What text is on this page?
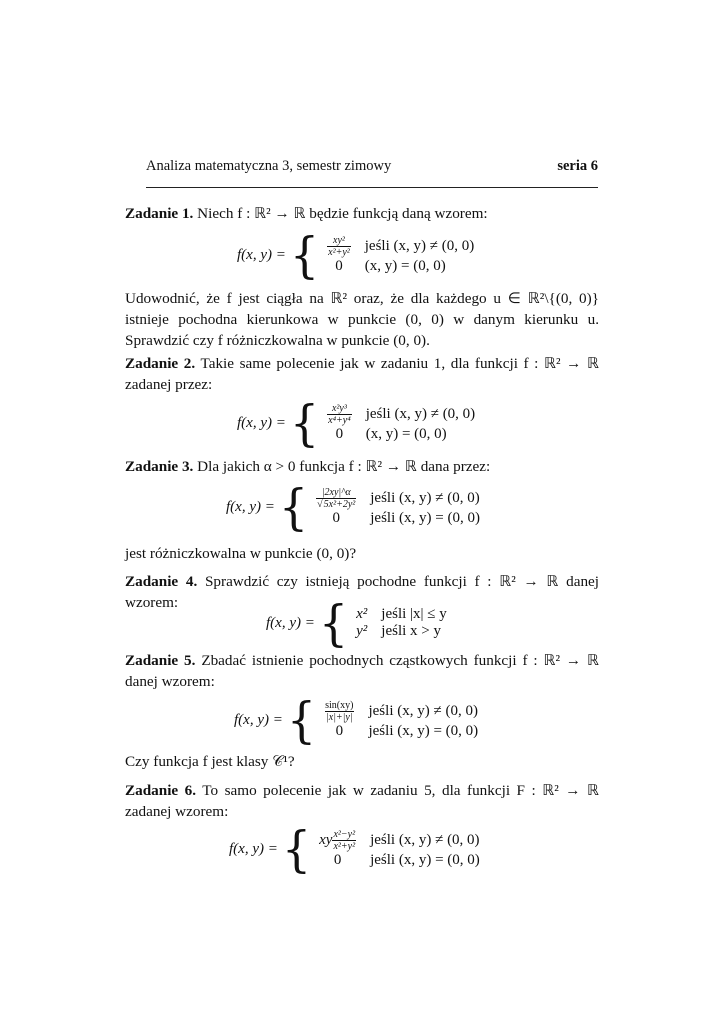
Analiza matematyczna 3, semestr zimowy	seria 6
Zadanie 1. Niech f : ℝ² → ℝ będzie funkcją daną wzorem:
f(x, y) = { $\frac{\text{xy²}}{\text{x²+y²}}$ jeśli (x, y) ≠ (0, 0)
0	(x, y) = (0, 0)
Udowodnić, że f jest ciągła na ℝ² oraz, że dla każdego u ∈ ℝ²\{(0, 0)} istnieje pochodna kierunkowa w punkcie (0, 0) w danym kierunku u. Sprawdzić czy f różniczkowalna w punkcie (0, 0).
Zadanie 2. Takie same polecenie jak w zadaniu 1, dla funkcji f : ℝ² → ℝ zadanej przez:
f(x, y) = { $\frac{\text{x²y³}}{\text{x⁴+y⁴}}$ jeśli (x, y) ≠ (0, 0)
0	(x, y) = (0, 0)
Zadanie 3. Dla jakich α > 0 funkcja f : ℝ² → ℝ dana przez:
f(x, y) = { $\frac{|2xy|\^{}\alpha}{\text{√5x²+2y²}}$ jeśli (x, y) ≠ (0, 0)
0	jeśli (x, y) = (0, 0)
jest różniczkowalna w punkcie (0, 0)?
Zadanie 4. Sprawdzić czy istnieją pochodne funkcji f : ℝ² → ℝ danej wzorem:
f(x, y) = { x² jeśli |x| ≤ y
y² jeśli x > y
Zadanie 5. Zbadać istnienie pochodnych cząstkowych funkcji f : ℝ² → ℝ danej wzorem:
f(x, y) = { $\frac{\sin(xy)}{|x|+|y|}$ jeśli (x, y) ≠ (0, 0)
0	jeśli (x, y) = (0, 0)
Czy funkcja f jest klasy 𝒞¹?
Zadanie 6. To samo polecenie jak w zadaniu 5, dla funkcji F : ℝ² → ℝ zadanej wzorem:
f(x, y) = { xy $\frac{\text{x²−y²}}{\text{x²+y²}}$ jeśli (x, y) ≠ (0, 0)
0	jeśli (x, y) = (0, 0)
